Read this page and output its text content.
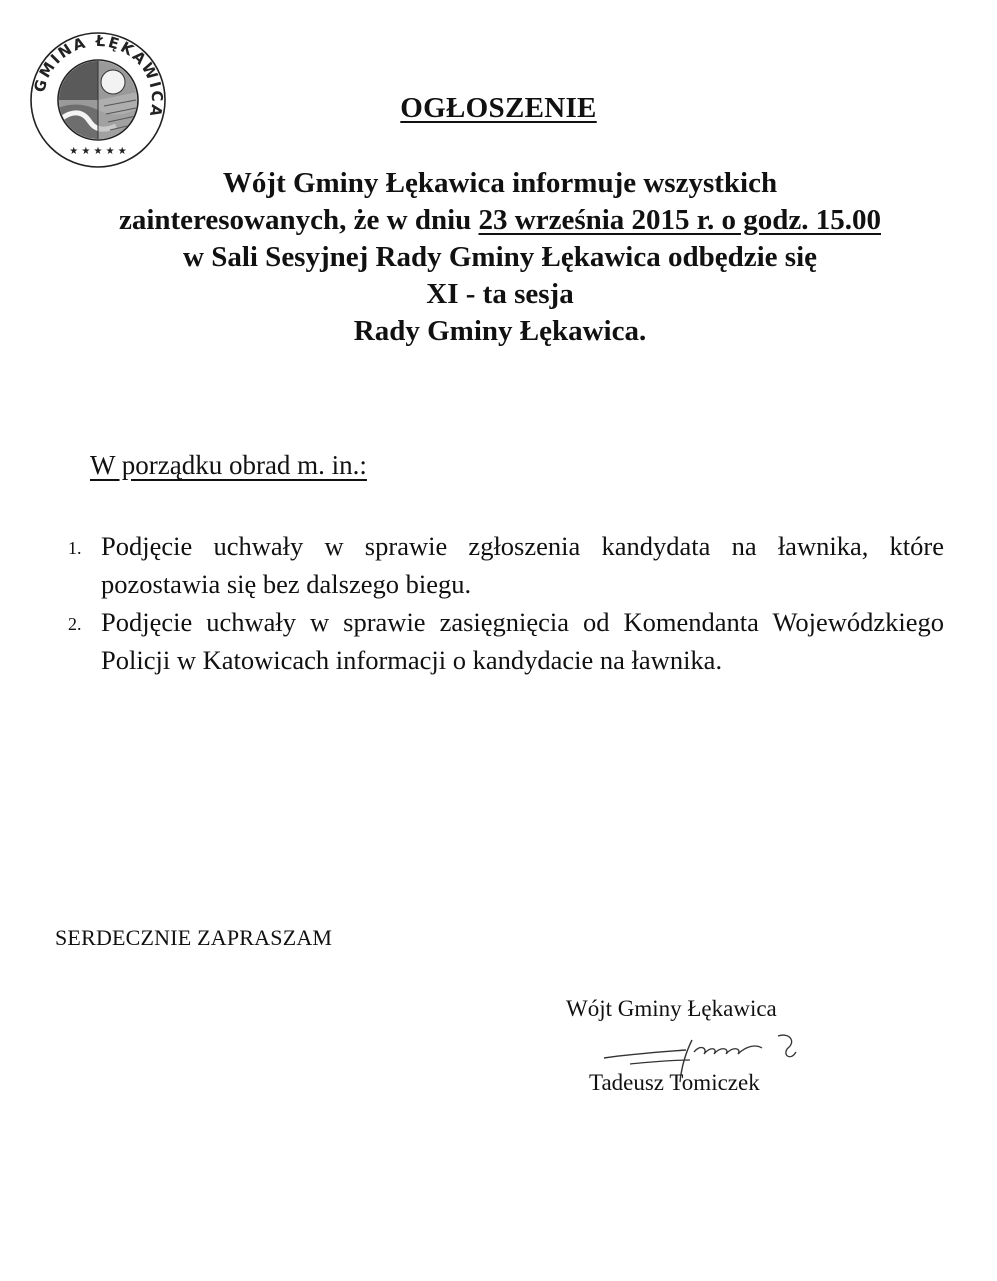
GMINA ŁĘKAWICA
★ ★ ★ ★ ★
OGŁOSZENIE
Wójt Gminy Łękawica informuje wszystkich
zainteresowanych, że w dniu 23 września 2015 r. o godz. 15.00
w Sali Sesyjnej Rady Gminy Łękawica odbędzie się
XI - ta sesja
Rady Gminy Łękawica.
W porządku obrad m. in.:
1. Podjęcie uchwały w sprawie zgłoszenia kandydata na ławnika, które pozostawia się bez dalszego biegu.
2. Podjęcie uchwały w sprawie zasięgnięcia od Komendanta Wojewódzkiego Policji w Katowicach informacji o kandydacie na ławnika.
SERDECZNIE ZAPRASZAM
Wójt Gminy Łękawica
Tadeusz Tomiczek
